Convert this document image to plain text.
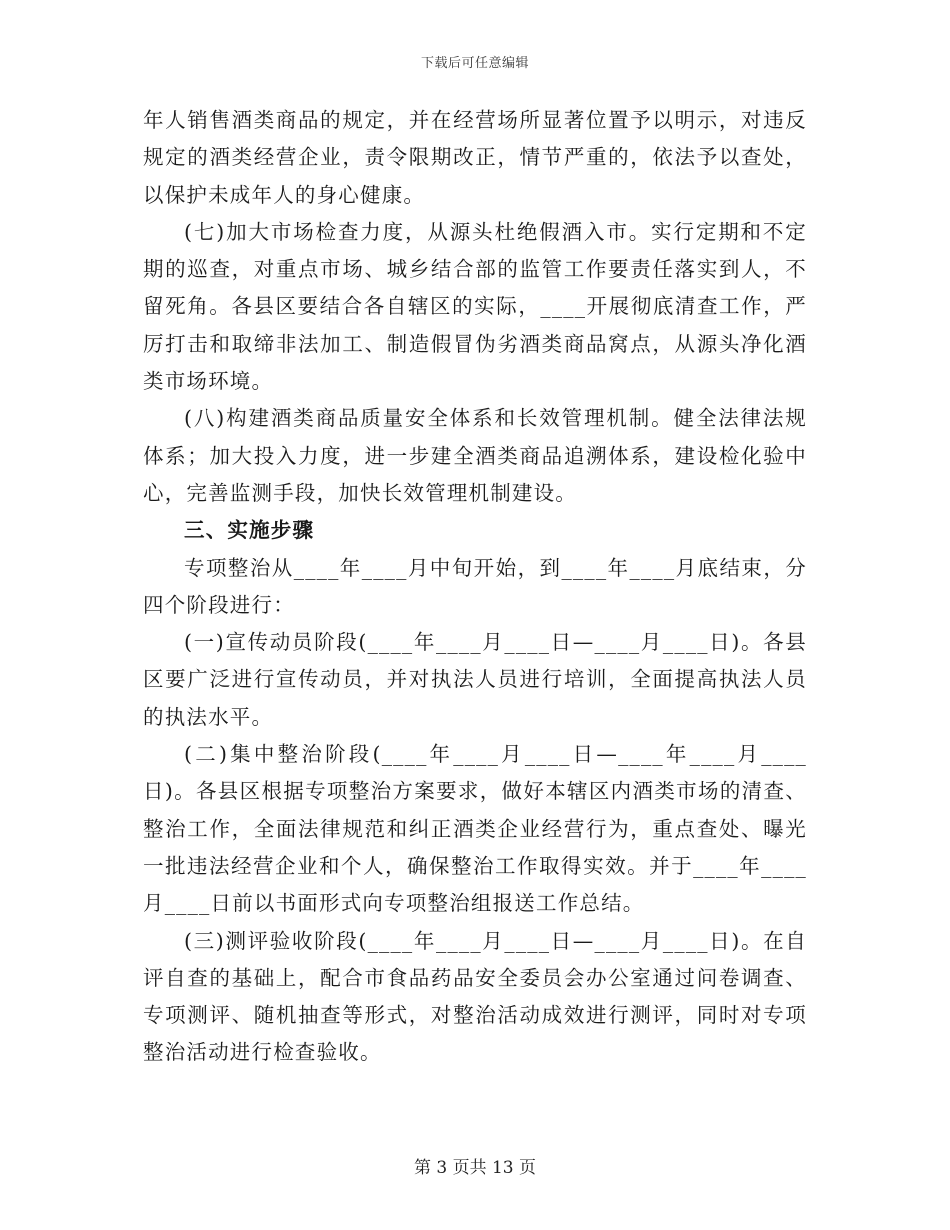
下载后可任意编辑

年人销售酒类商品的规定，并在经营场所显著位置予以明示，对违反规定的酒类经营企业，责令限期改正，情节严重的，依法予以查处，以保护未成年人的身心健康。

(七)加大市场检查力度，从源头杜绝假酒入市。实行定期和不定期的巡查，对重点市场、城乡结合部的监管工作要责任落实到人，不留死角。各县区要结合各自辖区的实际，____开展彻底清查工作，严厉打击和取缔非法加工、制造假冒伪劣酒类商品窝点，从源头净化酒类市场环境。

(八)构建酒类商品质量安全体系和长效管理机制。健全法律法规体系；加大投入力度，进一步建全酒类商品追溯体系，建设检化验中心，完善监测手段，加快长效管理机制建设。

三、实施步骤

专项整治从____年____月中旬开始，到____年____月底结束，分四个阶段进行：

(一)宣传动员阶段(____年____月____日—____月____日)。各县区要广泛进行宣传动员，并对执法人员进行培训，全面提高执法人员的执法水平。

(二)集中整治阶段(____年____月____日—____年____月____日)。各县区根据专项整治方案要求，做好本辖区内酒类市场的清查、整治工作，全面法律规范和纠正酒类企业经营行为，重点查处、曝光一批违法经营企业和个人，确保整治工作取得实效。并于____年____月____日前以书面形式向专项整治组报送工作总结。

(三)测评验收阶段(____年____月____日—____月____日)。在自评自查的基础上，配合市食品药品安全委员会办公室通过问卷调查、专项测评、随机抽查等形式，对整治活动成效进行测评，同时对专项整治活动进行检查验收。

第 3 页共 13 页
